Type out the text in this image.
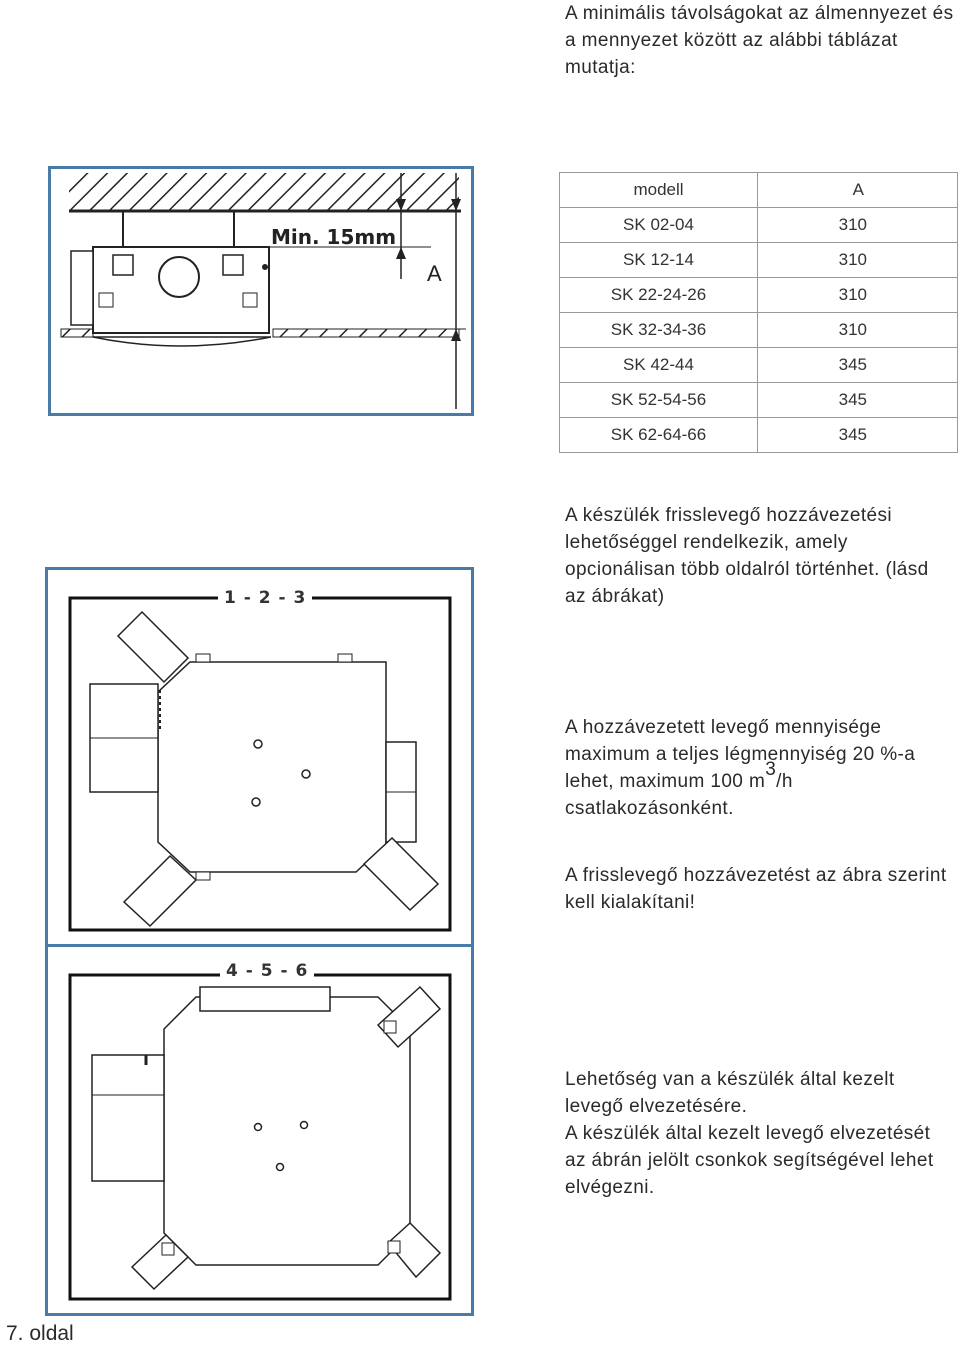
A minimális távolságokat az álmennyezet és a mennyezet között az alábbi táblázat mutatja:

Min. 15mm
A
modell	A
SK 02-04	310
SK 12-14	310
SK 22-24-26	310
SK 32-34-36	310
SK 42-44	345
SK 52-54-56	345
SK 62-64-66	345

A készülék frisslevegő hozzávezetési lehetőséggel rendelkezik, amely opcionálisan több oldalról történhet. (lásd az ábrákat)

1 - 2 - 3

A hozzávezetett levegő mennyisége maximum a teljes légmennyiség 20 %-a lehet, maximum 100 m3/h csatlakozásonként.

A frisslevegő hozzávezetést az ábra szerint kell kialakítani!

4 - 5 - 6

Lehetőség van a készülék által kezelt levegő elvezetésére.

A készülék által kezelt levegő elvezetését az ábrán jelölt csonkok segítségével lehet elvégezni.

7. oldal
